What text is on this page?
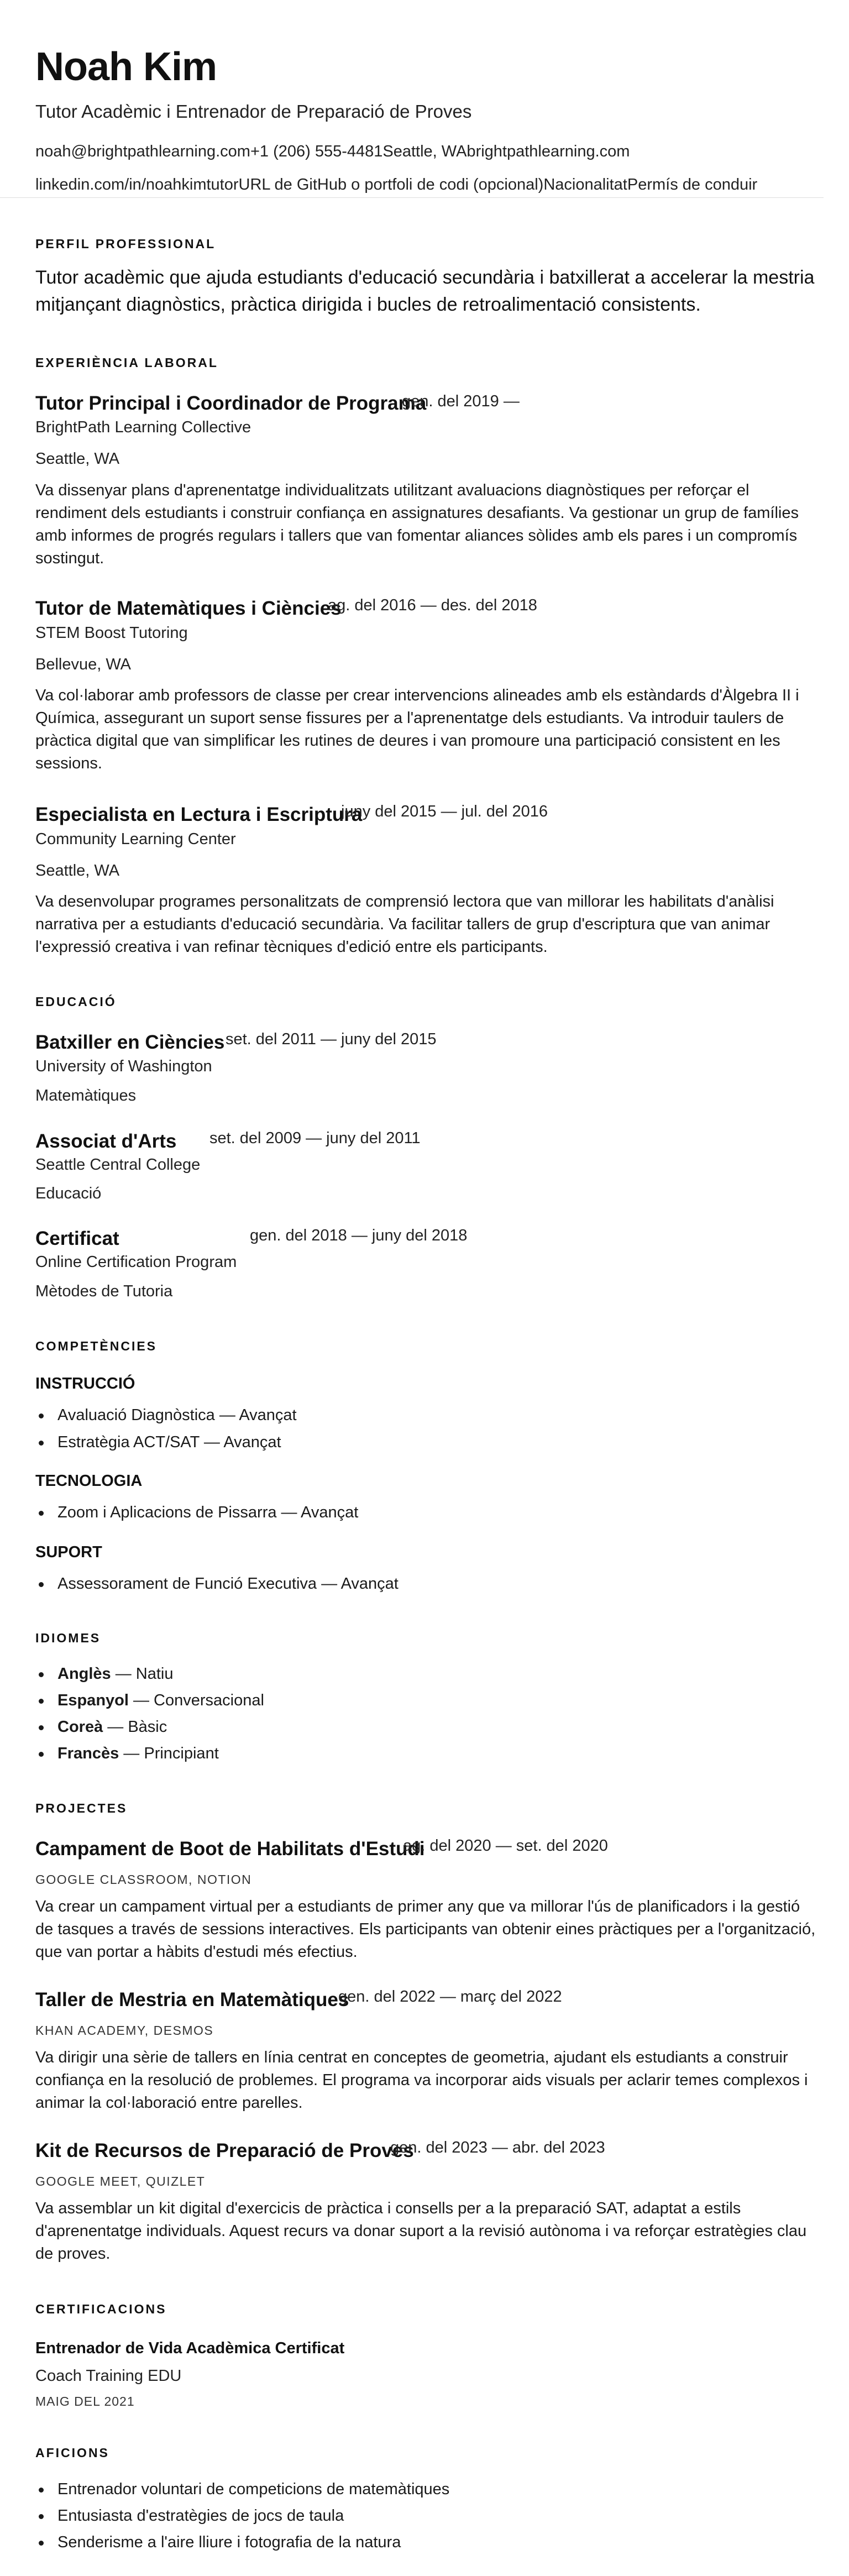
Noah Kim
Tutor Acadèmic i Entrenador de Preparació de Proves
noah@brightpathlearning.com+1 (206) 555-4481Seattle, WAbrightpathlearning.com
linkedin.com/in/noahkimtutorURL de GitHub o portfoli de codi (opcional)NacionalitatPermís de conduir
PERFIL PROFESSIONAL
Tutor acadèmic que ajuda estudiants d'educació secundària i batxillerat a accelerar la mestria mitjançant diagnòstics, pràctica dirigida i bucles de retroalimentació consistents.
EXPERIÈNCIA LABORAL
Tutor Principal i Coordinador de Programa
gen. del 2019 —
BrightPath Learning Collective
Seattle, WA
Va dissenyar plans d'aprenentatge individualitzats utilitzant avaluacions diagnòstiques per reforçar el rendiment dels estudiants i construir confiança en assignatures desafiants. Va gestionar un grup de famílies amb informes de progrés regulars i tallers que van fomentar aliances sòlides amb els pares i un compromís sostingut.
Tutor de Matemàtiques i Ciències
ag. del 2016 — des. del 2018
STEM Boost Tutoring
Bellevue, WA
Va col·laborar amb professors de classe per crear intervencions alineades amb els estàndards d'Àlgebra II i Química, assegurant un suport sense fissures per a l'aprenentatge dels estudiants. Va introduir taulers de pràctica digital que van simplificar les rutines de deures i van promoure una participació consistent en les sessions.
Especialista en Lectura i Escriptura
juny del 2015 — jul. del 2016
Community Learning Center
Seattle, WA
Va desenvolupar programes personalitzats de comprensió lectora que van millorar les habilitats d'anàlisi narrativa per a estudiants d'educació secundària. Va facilitar tallers de grup d'escriptura que van animar l'expressió creativa i van refinar tècniques d'edició entre els participants.
EDUCACIÓ
Batxiller en Ciències set. del 2011 — juny del 2015
University of Washington
Matemàtiques
Associat d'Arts set. del 2009 — juny del 2011
Seattle Central College
Educació
Certificat	gen. del 2018 — juny del 2018
Online Certification Program
Mètodes de Tutoria
COMPETÈNCIES
INSTRUCCIÓ
Avaluació Diagnòstica — Avançat
Estratègia ACT/SAT — Avançat
TECNOLOGIA
Zoom i Aplicacions de Pissarra — Avançat
SUPORT
Assessorament de Funció Executiva — Avançat
IDIOMES
Anglès — Natiu
Espanyol — Conversacional
Coreà — Bàsic
Francès — Principiant
PROJECTES
Campament de Boot de Habilitats d'Estudi
ag. del 2020 — set. del 2020
GOOGLE CLASSROOM, NOTION
Va crear un campament virtual per a estudiants de primer any que va millorar l'ús de planificadors i la gestió de tasques a través de sessions interactives. Els participants van obtenir eines pràctiques per a l'organització, que van portar a hàbits d'estudi més efectius.
Taller de Mestria en Matemàtiques
gen. del 2022 — març del 2022
KHAN ACADEMY, DESMOS
Va dirigir una sèrie de tallers en línia centrat en conceptes de geometria, ajudant els estudiants a construir confiança en la resolució de problemes. El programa va incorporar aids visuals per aclarir temes complexos i animar la col·laboració entre parelles.
Kit de Recursos de Preparació de Proves
gen. del 2023 — abr. del 2023
GOOGLE MEET, QUIZLET
Va assemblar un kit digital d'exercicis de pràctica i consells per a la preparació SAT, adaptat a estils d'aprenentatge individuals. Aquest recurs va donar suport a la revisió autònoma i va reforçar estratègies clau de proves.
CERTIFICACIONS
Entrenador de Vida Acadèmica Certificat
Coach Training EDU
MAIG DEL 2021
AFICIONS
Entrenador voluntari de competicions de matemàtiques
Entusiasta d'estratègies de jocs de taula
Senderisme a l'aire lliure i fotografia de la natura
